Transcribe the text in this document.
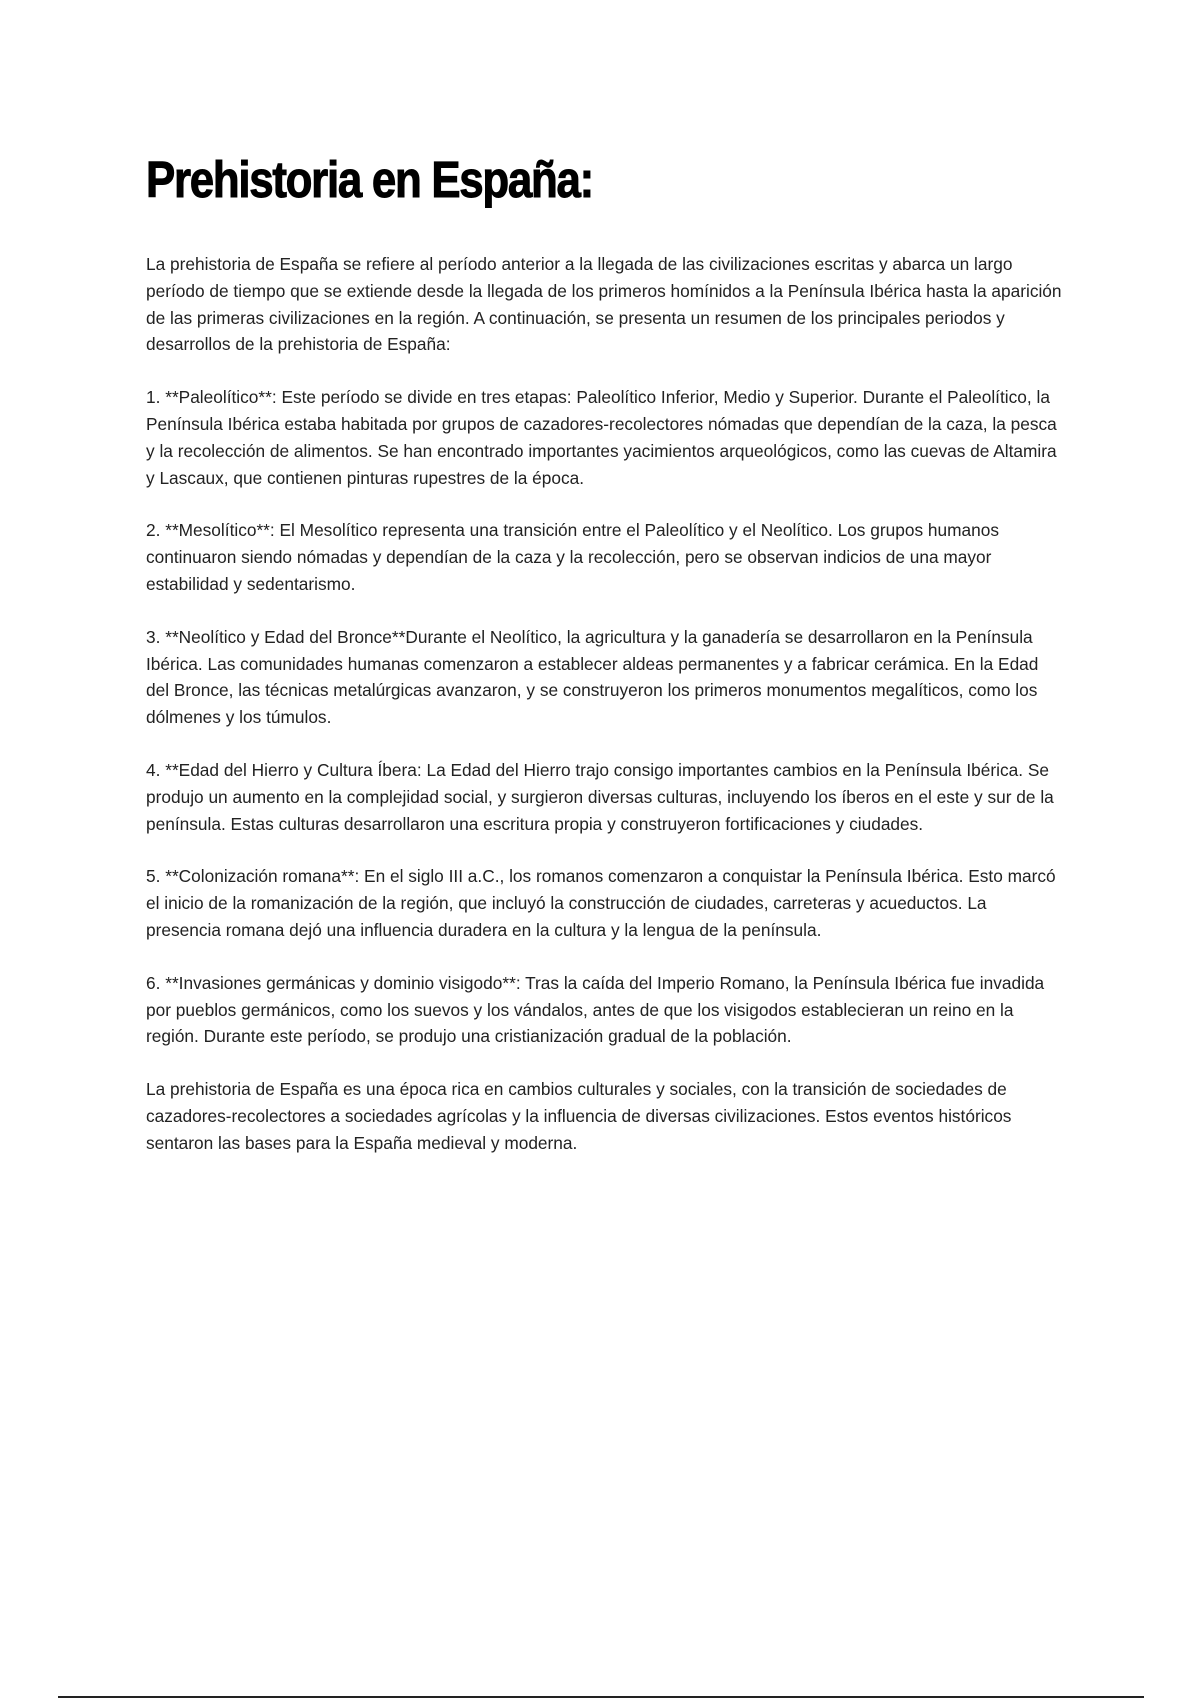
Prehistoria en España:

La prehistoria de España se refiere al período anterior a la llegada de las civilizaciones escritas y abarca un largo período de tiempo que se extiende desde la llegada de los primeros homínidos a la Península Ibérica hasta la aparición de las primeras civilizaciones en la región. A continuación, se presenta un resumen de los principales periodos y desarrollos de la prehistoria de España:

1. **Paleolítico**: Este período se divide en tres etapas: Paleolítico Inferior, Medio y Superior. Durante el Paleolítico, la Península Ibérica estaba habitada por grupos de cazadores-recolectores nómadas que dependían de la caza, la pesca y la recolección de alimentos. Se han encontrado importantes yacimientos arqueológicos, como las cuevas de Altamira y Lascaux, que contienen pinturas rupestres de la época.

2. **Mesolítico**: El Mesolítico representa una transición entre el Paleolítico y el Neolítico. Los grupos humanos continuaron siendo nómadas y dependían de la caza y la recolección, pero se observan indicios de una mayor estabilidad y sedentarismo.

3. **Neolítico y Edad del Bronce**Durante el Neolítico, la agricultura y la ganadería se desarrollaron en la Península Ibérica. Las comunidades humanas comenzaron a establecer aldeas permanentes y a fabricar cerámica. En la Edad del Bronce, las técnicas metalúrgicas avanzaron, y se construyeron los primeros monumentos megalíticos, como los dólmenes y los túmulos.

4. **Edad del Hierro y Cultura Íbera: La Edad del Hierro trajo consigo importantes cambios en la Península Ibérica. Se produjo un aumento en la complejidad social, y surgieron diversas culturas, incluyendo los íberos en el este y sur de la península. Estas culturas desarrollaron una escritura propia y construyeron fortificaciones y ciudades.

5. **Colonización romana**: En el siglo III a.C., los romanos comenzaron a conquistar la Península Ibérica. Esto marcó el inicio de la romanización de la región, que incluyó la construcción de ciudades, carreteras y acueductos. La presencia romana dejó una influencia duradera en la cultura y la lengua de la península.

6. **Invasiones germánicas y dominio visigodo**: Tras la caída del Imperio Romano, la Península Ibérica fue invadida por pueblos germánicos, como los suevos y los vándalos, antes de que los visigodos establecieran un reino en la región. Durante este período, se produjo una cristianización gradual de la población.

La prehistoria de España es una época rica en cambios culturales y sociales, con la transición de sociedades de cazadores-recolectores a sociedades agrícolas y la influencia de diversas civilizaciones. Estos eventos históricos sentaron las bases para la España medieval y moderna.
